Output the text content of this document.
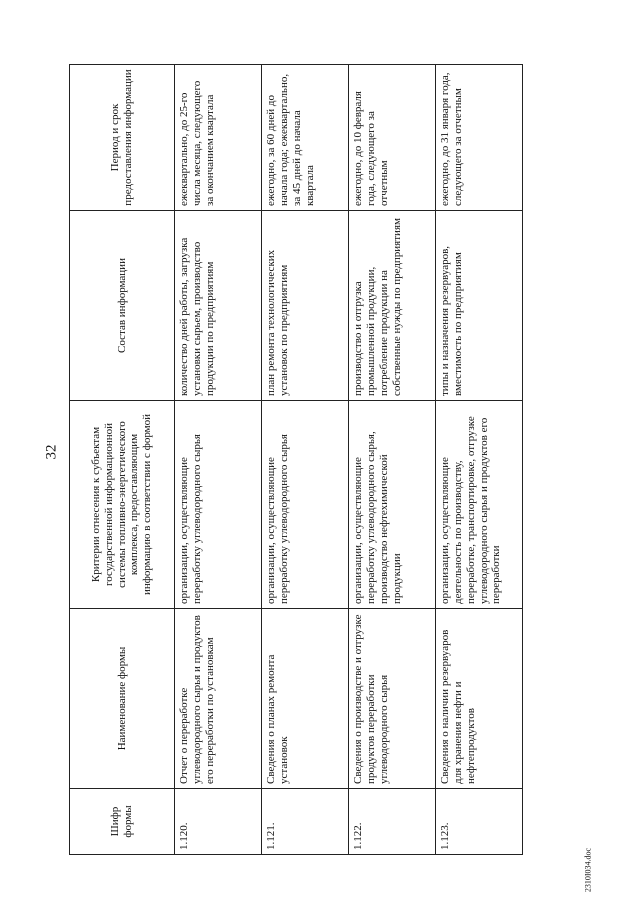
32
Шифр формы	Наименование формы	Критерии отнесения к субъектам государственной информационной системы топливно-энергетического комплекса, предоставляющим информацию в соответствии с формой	Состав информации	Период и срок предоставления информации
1.120.	Отчет о переработке углеводородного сырья и продуктов его переработки по установкам	организации, осуществляющие переработку углеводородного сырья	количество дней работы, загрузка установки сырьем, производство продукции по предприятиям	ежеквартально, до 25-го числа месяца, следующего за окончанием квартала
1.121.	Сведения о планах ремонта установок	организации, осуществляющие переработку углеводородного сырья	план ремонта технологических установок по предприятиям	ежегодно, за 60 дней до начала года; ежеквартально, за 45 дней до начала квартала
1.122.	Сведения о производстве и отгрузке продуктов переработки углеводородного сырья	организации, осуществляющие переработку углеводородного сырья, производство нефтехимической продукции	производство и отгрузка промышленной продукции, потребление продукции на собственные нужды по предприятиям	ежегодно, до 10 февраля года, следующего за отчетным
1.123.	Сведения о наличии резервуаров для хранения нефти и нефтепродуктов	организации, осуществляющие деятельность по производству, переработке, транспортировке, отгрузке углеводородного сырья и продуктов его переработки	типы и назначения резервуаров, вместимость по предприятиям	ежегодно, до 31 января года, следующего за отчетным
2310I034.doc
